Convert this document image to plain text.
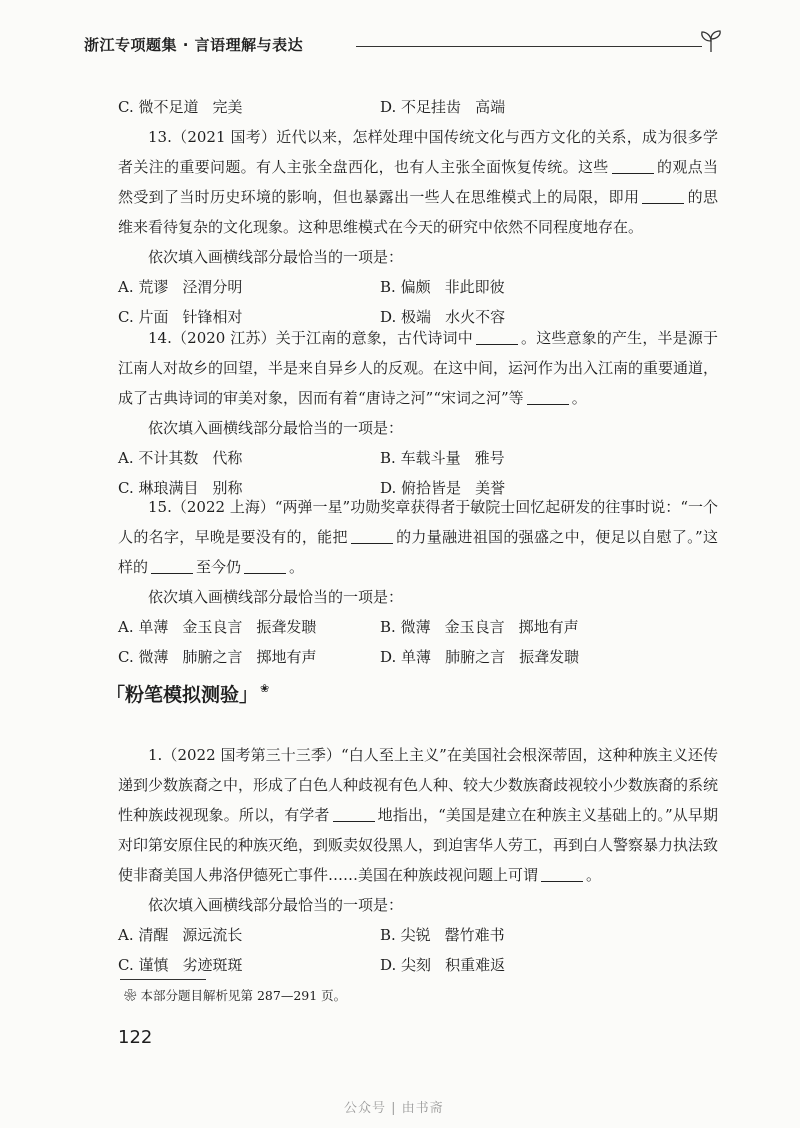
浙江专项题集 · 言语理解与表达
C. 微不足道 完美	D. 不足挂齿 高端

13.（2021 国考）近代以来，怎样处理中国传统文化与西方文化的关系，成为很多学者关注的重要问题。有人主张全盘西化，也有人主张全面恢复传统。这些	的观点当然受到了当时历史环境的影响，但也暴露出一些人在思维模式上的局限，即用	的思维来看待复杂的文化现象。这种思维模式在今天的研究中依然不同程度地存在。

依次填入画横线部分最恰当的一项是：

A. 荒谬 泾渭分明	B. 偏颇 非此即彼
C. 片面 针锋相对	D. 极端 水火不容

14.（2020 江苏）关于江南的意象，古代诗词中	。这些意象的产生，半是源于江南人对故乡的回望，半是来自异乡人的反观。在这中间，运河作为出入江南的重要通道，成了古典诗词的审美对象，因而有着“唐诗之河”“宋词之河”等	。

依次填入画横线部分最恰当的一项是：

A. 不计其数 代称	B. 车载斗量 雅号
C. 琳琅满目 别称	D. 俯拾皆是 美誉

15.（2022 上海）“两弹一星”功勋奖章获得者于敏院士回忆起研发的往事时说：“一个人的名字，早晚是要没有的，能把	的力量融进祖国的强盛之中，便足以自慰了。”这样的	至今仍	。

依次填入画横线部分最恰当的一项是：

A. 单薄 金玉良言 振聋发聩	B. 微薄 金玉良言 掷地有声
C. 微薄 肺腑之言 掷地有声	D. 单薄 肺腑之言 振聋发聩
「粉笔模拟测验」 ❀

1.（2022 国考第三十三季）“白人至上主义”在美国社会根深蒂固，这种种族主义还传递到少数族裔之中，形成了白色人种歧视有色人种、较大少数族裔歧视较小少数族裔的系统性种族歧视现象。所以，有学者	地指出，“美国是建立在种族主义基础上的。”从早期对印第安原住民的种族灭绝，到贩卖奴役黑人，到迫害华人劳工，再到白人警察暴力执法致使非裔美国人弗洛伊德死亡事件……美国在种族歧视问题上可谓	。

依次填入画横线部分最恰当的一项是：

A. 清醒 源远流长	B. 尖锐 罄竹难书
C. 谨慎 劣迹斑斑	D. 尖刻 积重难返
❀ 本部分题目解析见第 287—291 页。
122
公众号 | 由书斋
